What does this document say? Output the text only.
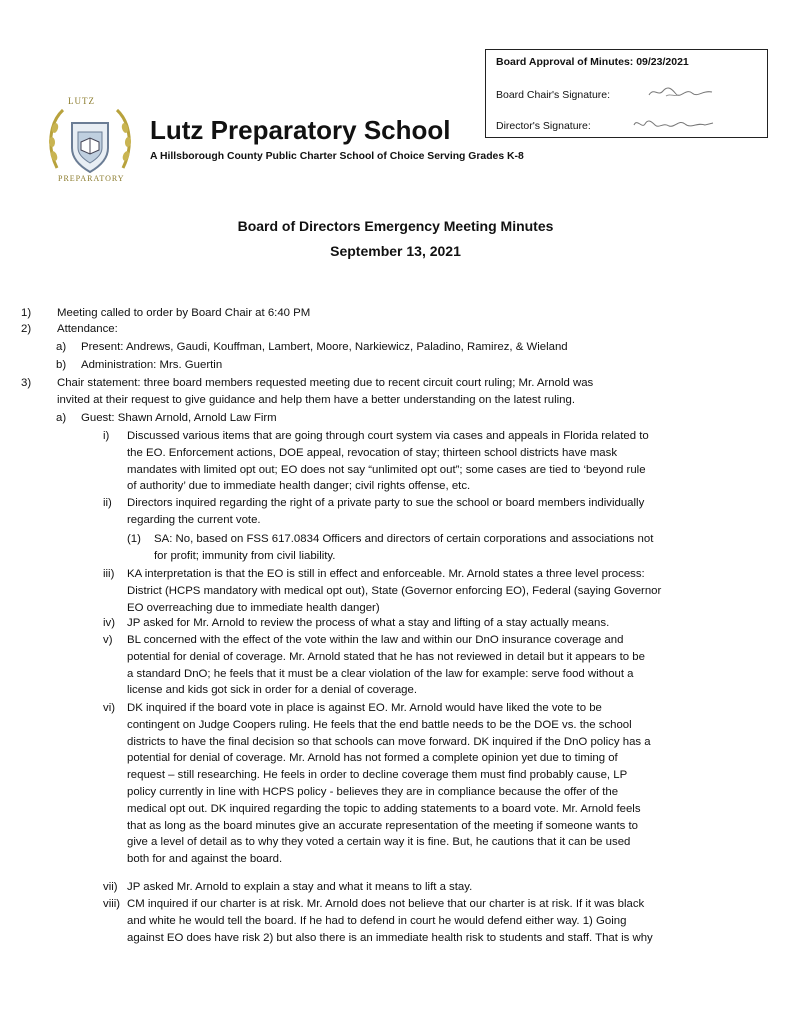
Board Approval of Minutes: 09/23/2021
Board Chair's Signature:
Director's Signature:
LUTZ
PREPARATORY
Lutz Preparatory School
A Hillsborough County Public Charter School of Choice Serving Grades K-8
Board of Directors Emergency Meeting Minutes
September 13, 2021
1) Meeting called to order by Board Chair at 6:40 PM
2) Attendance:
a) Present: Andrews, Gaudi, Kouffman, Lambert, Moore, Narkiewicz, Paladino, Ramirez, & Wieland
b) Administration: Mrs. Guertin
3) Chair statement: three board members requested meeting due to recent circuit court ruling; Mr. Arnold was
invited at their request to give guidance and help them have a better understanding on the latest ruling.
a) Guest: Shawn Arnold, Arnold Law Firm
i) Discussed various items that are going through court system via cases and appeals in Florida related to
the EO. Enforcement actions, DOE appeal, revocation of stay; thirteen school districts have mask
mandates with limited opt out; EO does not say “unlimited opt out”; some cases are tied to ‘beyond rule
of authority’ due to immediate health danger; civil rights offense, etc.
ii) Directors inquired regarding the right of a private party to sue the school or board members individually
regarding the current vote.
(1) SA: No, based on FSS 617.0834 Officers and directors of certain corporations and associations not
for profit; immunity from civil liability.
iii) KA interpretation is that the EO is still in effect and enforceable. Mr. Arnold states a three level process:
District (HCPS mandatory with medical opt out), State (Governor enforcing EO), Federal (saying Governor
EO overreaching due to immediate health danger)
iv) JP asked for Mr. Arnold to review the process of what a stay and lifting of a stay actually means.
v) BL concerned with the effect of the vote within the law and within our DnO insurance coverage and
potential for denial of coverage. Mr. Arnold stated that he has not reviewed in detail but it appears to be
a standard DnO; he feels that it must be a clear violation of the law for example: serve food without a
license and kids got sick in order for a denial of coverage.
vi) DK inquired if the board vote in place is against EO. Mr. Arnold would have liked the vote to be
contingent on Judge Coopers ruling. He feels that the end battle needs to be the DOE vs. the school
districts to have the final decision so that schools can move forward. DK inquired if the DnO policy has a
potential for denial of coverage. Mr. Arnold has not formed a complete opinion yet due to timing of
request – still researching. He feels in order to decline coverage them must find probably cause, LP
policy currently in line with HCPS policy - believes they are in compliance because the offer of the
medical opt out. DK inquired regarding the topic to adding statements to a board vote. Mr. Arnold feels
that as long as the board minutes give an accurate representation of the meeting if someone wants to
give a level of detail as to why they voted a certain way it is fine. But, he cautions that it can be used
both for and against the board.
vii) JP asked Mr. Arnold to explain a stay and what it means to lift a stay.
viii) CM inquired if our charter is at risk. Mr. Arnold does not believe that our charter is at risk. If it was black
and white he would tell the board. If he had to defend in court he would defend either way. 1) Going
against EO does have risk 2) but also there is an immediate health risk to students and staff. That is why
